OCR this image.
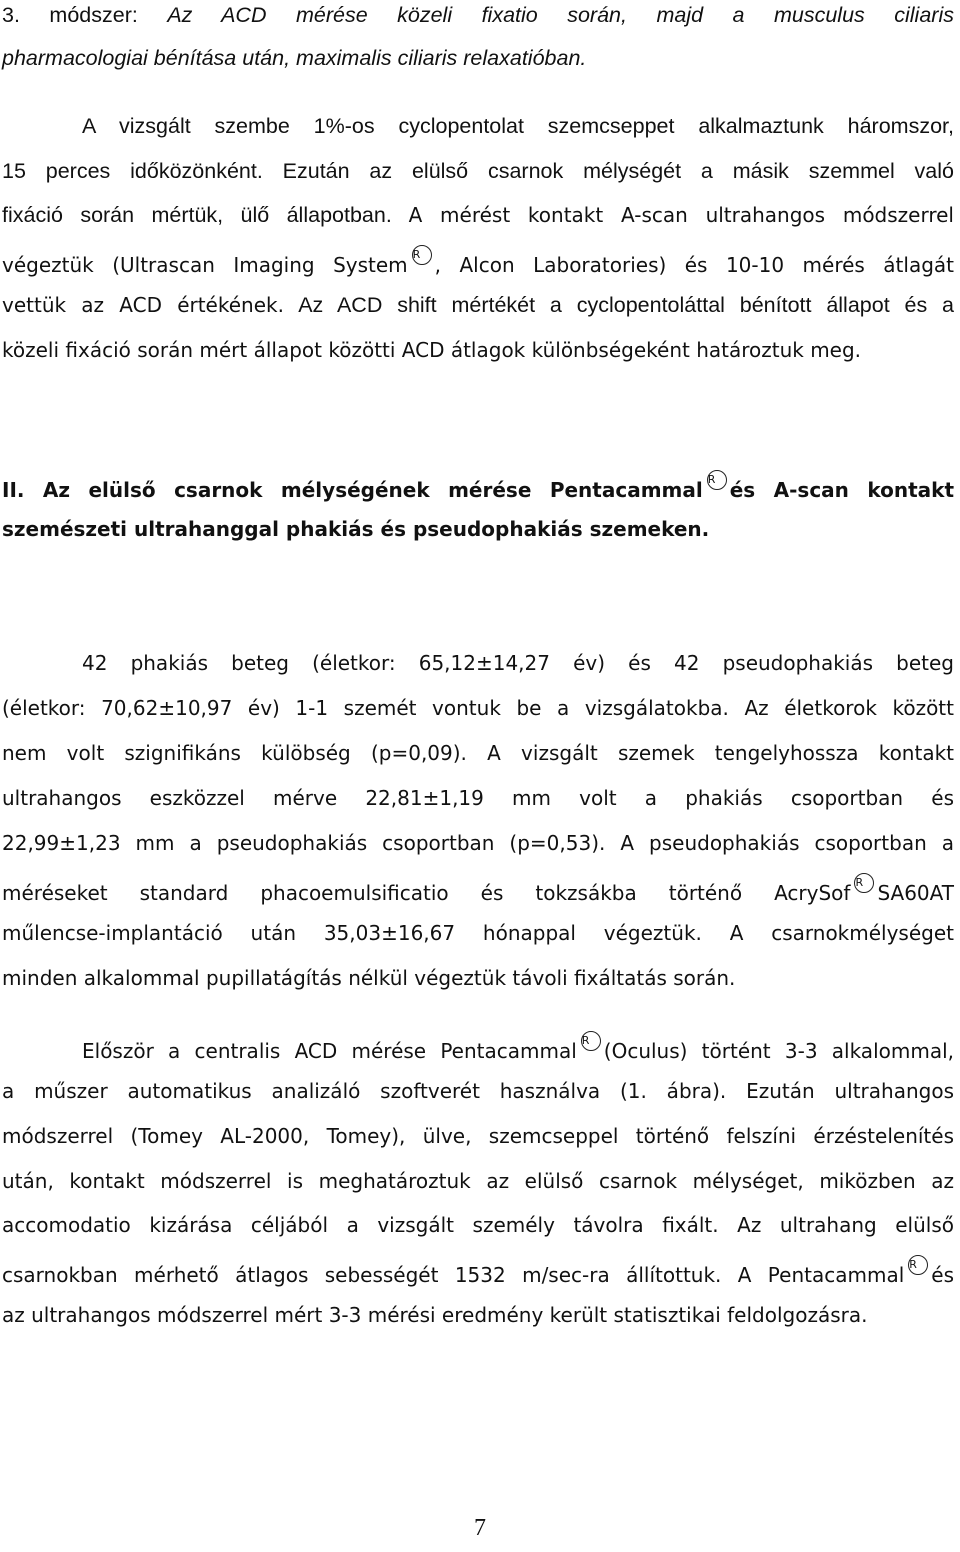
3. módszer: Az ACD mérése közeli fixatio során, majd a musculus ciliaris
pharmacologiai bénítása után, maximalis ciliaris relaxatióban.
A vizsgált szembe 1%-os cyclopentolat szemcseppet alkalmaztunk háromszor,
15 perces időközönként. Ezután az elülső csarnok mélységét a másik szemmel való
fixáció során mértük, ülő állapotban. A mérést kontakt A-scan ultrahangos módszerrel
végeztük (Ultrascan Imaging System R , Alcon Laboratories) és 10-10 mérés átlagát
vettük az ACD értékének. Az ACD shift mértékét a cyclopentoláttal bénított állapot és a
közeli fixáció során mért állapot közötti ACD átlagok különbségeként határoztuk meg.
II. Az elülső csarnok mélységének mérése Pentacammal R és A-scan kontakt
szemészeti ultrahanggal phakiás és pseudophakiás szemeken.
42 phakiás beteg (életkor: 65,12±14,27 év) és 42 pseudophakiás beteg
(életkor: 70,62±10,97 év) 1-1 szemét vontuk be a vizsgálatokba. Az életkorok között
nem volt szignifikáns külöbség (p=0,09). A vizsgált szemek tengelyhossza kontakt
ultrahangos eszközzel mérve 22,81±1,19 mm volt a phakiás csoportban és
22,99±1,23 mm a pseudophakiás csoportban (p=0,53). A pseudophakiás csoportban a
méréseket standard phacoemulsificatio és tokzsákba történő AcrySof R SA60AT
műlencse-implantáció után 35,03±16,67 hónappal végeztük. A csarnokmélységet
minden alkalommal pupillatágítás nélkül végeztük távoli fixáltatás során.
Először a centralis ACD mérése Pentacammal R (Oculus) történt 3-3 alkalommal,
a műszer automatikus analizáló szoftverét használva (1. ábra). Ezután ultrahangos
módszerrel (Tomey AL-2000, Tomey), ülve, szemcseppel történő felszíni érzéstelenítés
után, kontakt módszerrel is meghatároztuk az elülső csarnok mélységet, miközben az
accomodatio kizárása céljából a vizsgált személy távolra fixált. Az ultrahang elülső
csarnokban mérhető átlagos sebességét 1532 m/sec-ra állítottuk. A Pentacammal R és
az ultrahangos módszerrel mért 3-3 mérési eredmény került statisztikai feldolgozásra.
7
